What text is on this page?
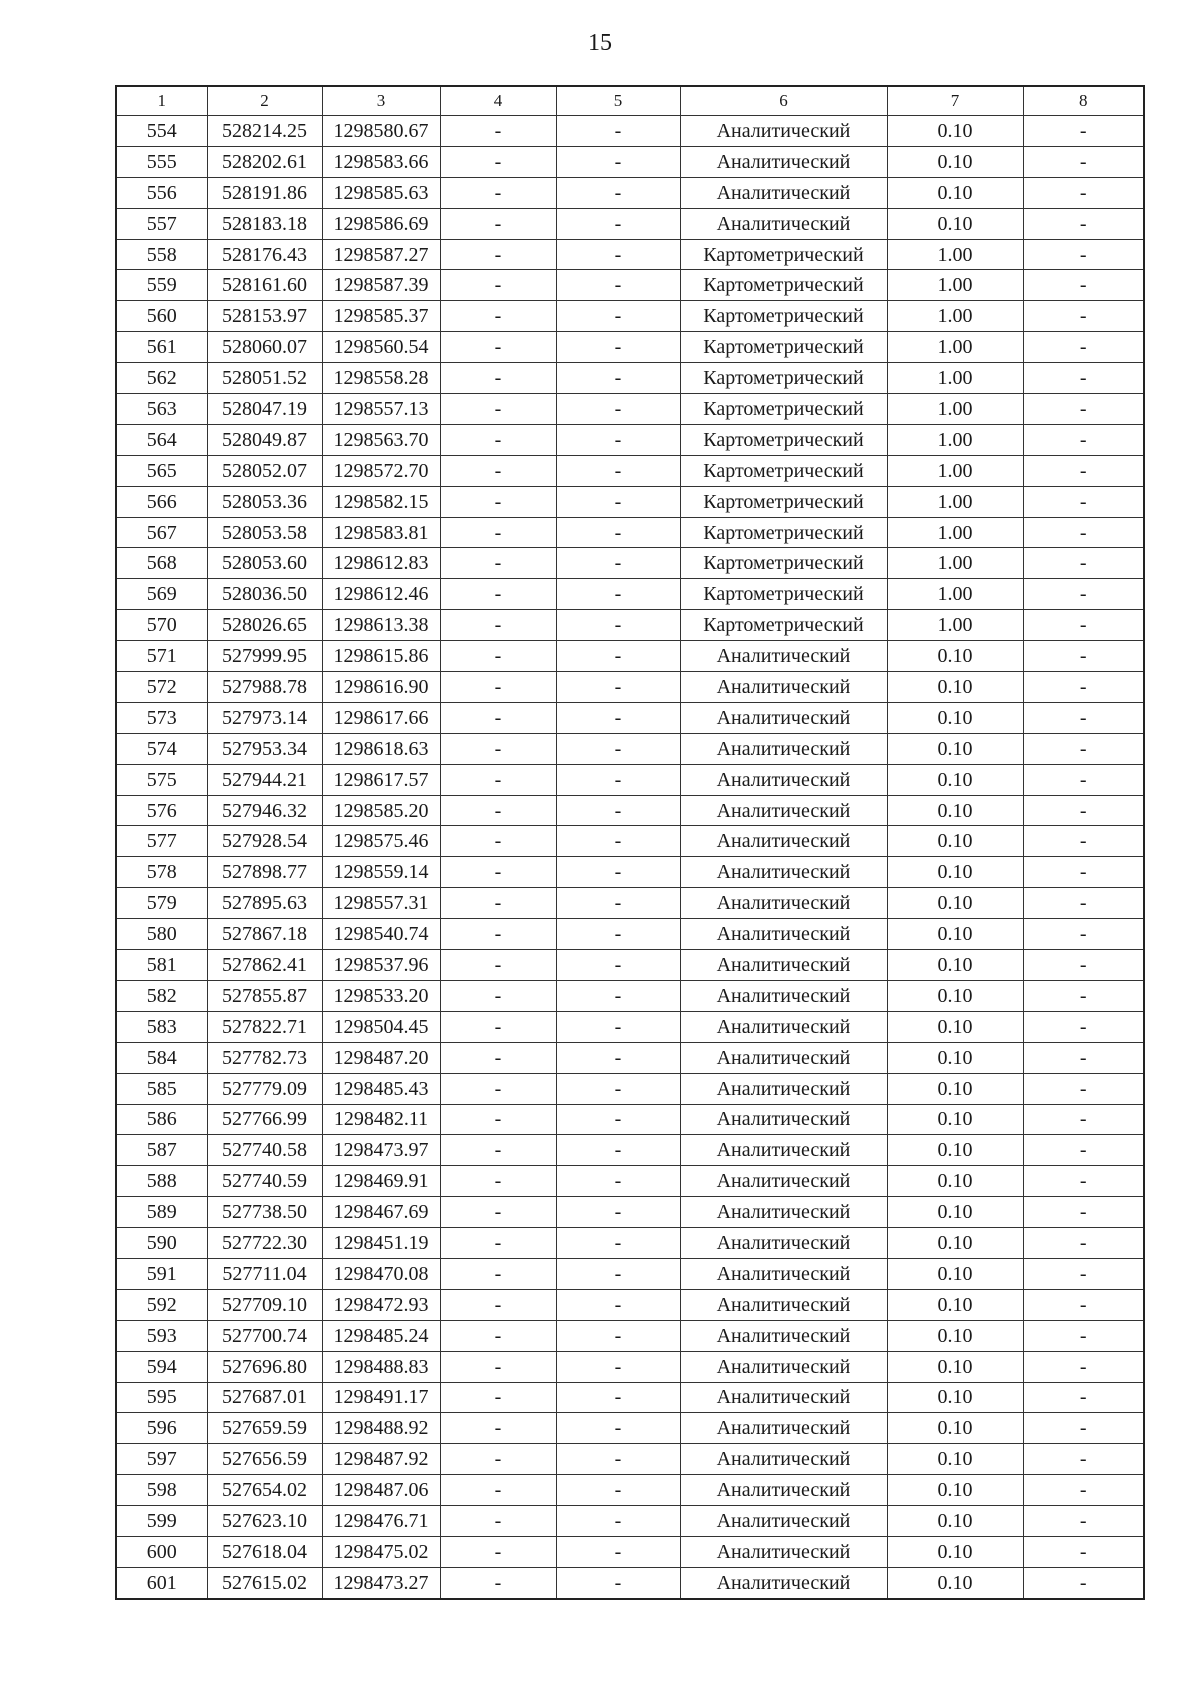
15
1	2	3	4	5	6	7	8
554	528214.25	1298580.67	-	-	Аналитический	0.10	-
555	528202.61	1298583.66	-	-	Аналитический	0.10	-
556	528191.86	1298585.63	-	-	Аналитический	0.10	-
557	528183.18	1298586.69	-	-	Аналитический	0.10	-
558	528176.43	1298587.27	-	-	Картометрический	1.00	-
559	528161.60	1298587.39	-	-	Картометрический	1.00	-
560	528153.97	1298585.37	-	-	Картометрический	1.00	-
561	528060.07	1298560.54	-	-	Картометрический	1.00	-
562	528051.52	1298558.28	-	-	Картометрический	1.00	-
563	528047.19	1298557.13	-	-	Картометрический	1.00	-
564	528049.87	1298563.70	-	-	Картометрический	1.00	-
565	528052.07	1298572.70	-	-	Картометрический	1.00	-
566	528053.36	1298582.15	-	-	Картометрический	1.00	-
567	528053.58	1298583.81	-	-	Картометрический	1.00	-
568	528053.60	1298612.83	-	-	Картометрический	1.00	-
569	528036.50	1298612.46	-	-	Картометрический	1.00	-
570	528026.65	1298613.38	-	-	Картометрический	1.00	-
571	527999.95	1298615.86	-	-	Аналитический	0.10	-
572	527988.78	1298616.90	-	-	Аналитический	0.10	-
573	527973.14	1298617.66	-	-	Аналитический	0.10	-
574	527953.34	1298618.63	-	-	Аналитический	0.10	-
575	527944.21	1298617.57	-	-	Аналитический	0.10	-
576	527946.32	1298585.20	-	-	Аналитический	0.10	-
577	527928.54	1298575.46	-	-	Аналитический	0.10	-
578	527898.77	1298559.14	-	-	Аналитический	0.10	-
579	527895.63	1298557.31	-	-	Аналитический	0.10	-
580	527867.18	1298540.74	-	-	Аналитический	0.10	-
581	527862.41	1298537.96	-	-	Аналитический	0.10	-
582	527855.87	1298533.20	-	-	Аналитический	0.10	-
583	527822.71	1298504.45	-	-	Аналитический	0.10	-
584	527782.73	1298487.20	-	-	Аналитический	0.10	-
585	527779.09	1298485.43	-	-	Аналитический	0.10	-
586	527766.99	1298482.11	-	-	Аналитический	0.10	-
587	527740.58	1298473.97	-	-	Аналитический	0.10	-
588	527740.59	1298469.91	-	-	Аналитический	0.10	-
589	527738.50	1298467.69	-	-	Аналитический	0.10	-
590	527722.30	1298451.19	-	-	Аналитический	0.10	-
591	527711.04	1298470.08	-	-	Аналитический	0.10	-
592	527709.10	1298472.93	-	-	Аналитический	0.10	-
593	527700.74	1298485.24	-	-	Аналитический	0.10	-
594	527696.80	1298488.83	-	-	Аналитический	0.10	-
595	527687.01	1298491.17	-	-	Аналитический	0.10	-
596	527659.59	1298488.92	-	-	Аналитический	0.10	-
597	527656.59	1298487.92	-	-	Аналитический	0.10	-
598	527654.02	1298487.06	-	-	Аналитический	0.10	-
599	527623.10	1298476.71	-	-	Аналитический	0.10	-
600	527618.04	1298475.02	-	-	Аналитический	0.10	-
601	527615.02	1298473.27	-	-	Аналитический	0.10	-
